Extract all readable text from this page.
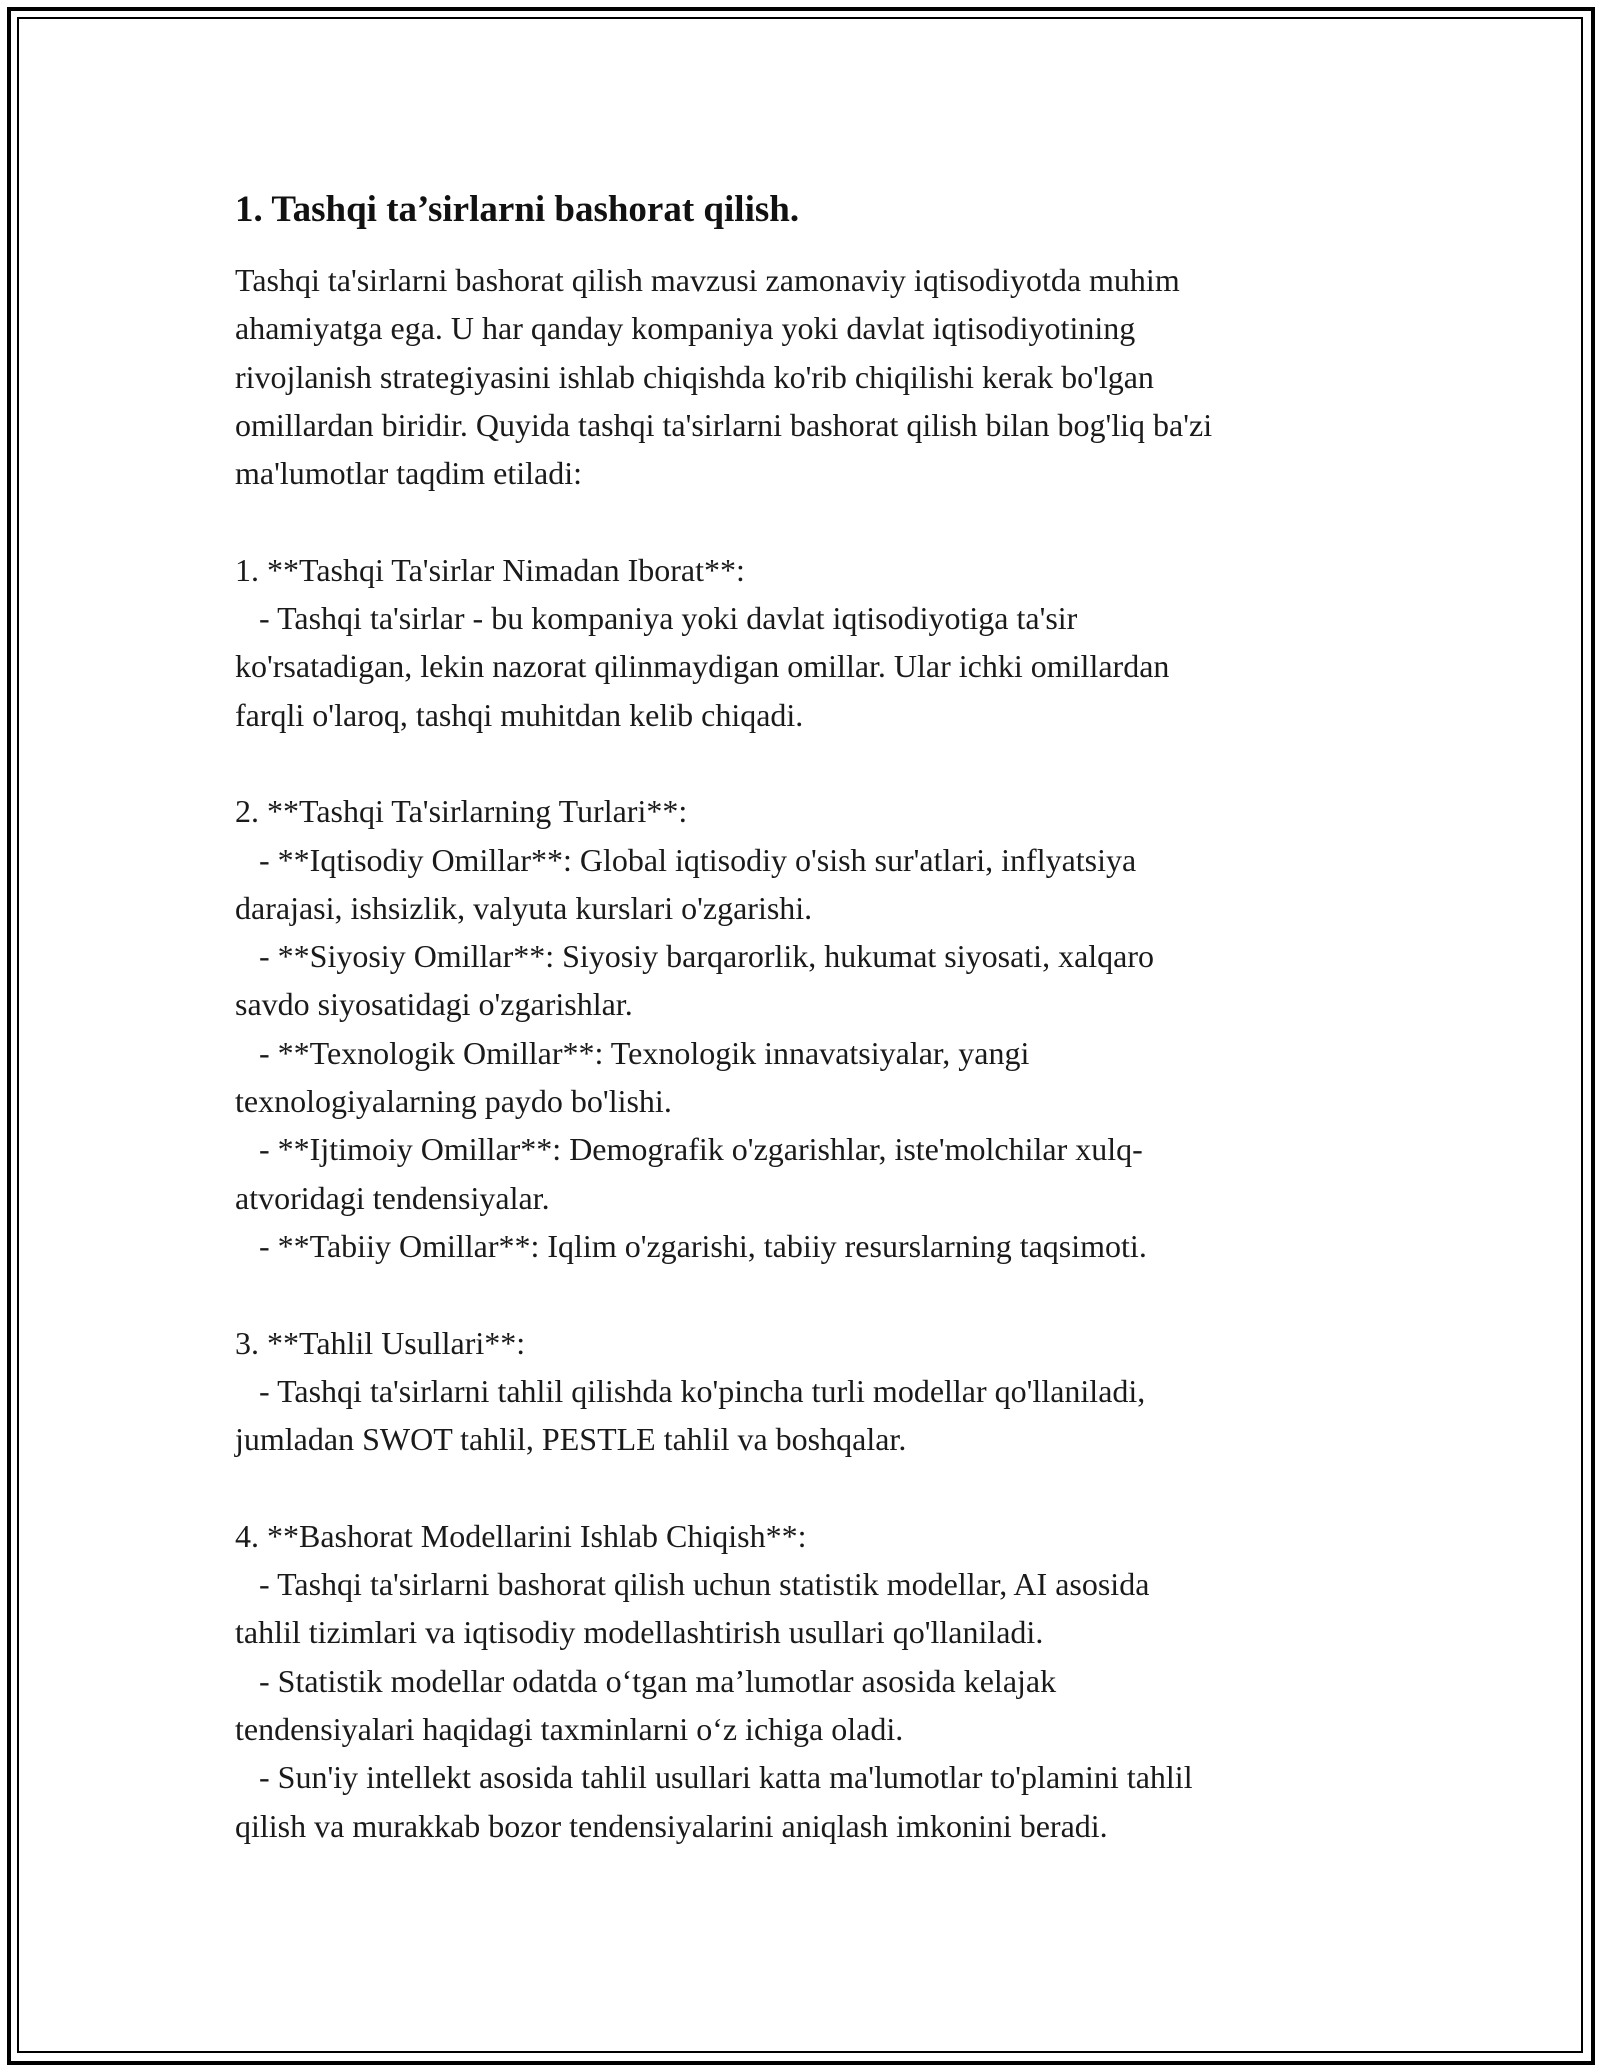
1. Tashqi ta’sirlarni bashorat qilish.
Tashqi ta'sirlarni bashorat qilish mavzusi zamonaviy iqtisodiyotda muhim
ahamiyatga ega. U har qanday kompaniya yoki davlat iqtisodiyotining
rivojlanish strategiyasini ishlab chiqishda ko'rib chiqilishi kerak bo'lgan
omillardan biridir. Quyida tashqi ta'sirlarni bashorat qilish bilan bog'liq ba'zi
ma'lumotlar taqdim etiladi:
1. **Tashqi Ta'sirlar Nimadan Iborat**:
- Tashqi ta'sirlar - bu kompaniya yoki davlat iqtisodiyotiga ta'sir
ko'rsatadigan, lekin nazorat qilinmaydigan omillar. Ular ichki omillardan
farqli o'laroq, tashqi muhitdan kelib chiqadi.
2. **Tashqi Ta'sirlarning Turlari**:
- **Iqtisodiy Omillar**: Global iqtisodiy o'sish sur'atlari, inflyatsiya
darajasi, ishsizlik, valyuta kurslari o'zgarishi.
- **Siyosiy Omillar**: Siyosiy barqarorlik, hukumat siyosati, xalqaro
savdo siyosatidagi o'zgarishlar.
- **Texnologik Omillar**: Texnologik innavatsiyalar, yangi
texnologiyalarning paydo bo'lishi.
- **Ijtimoiy Omillar**: Demografik o'zgarishlar, iste'molchilar xulq-
atvoridagi tendensiyalar.
- **Tabiiy Omillar**: Iqlim o'zgarishi, tabiiy resurslarning taqsimoti.
3. **Tahlil Usullari**:
- Tashqi ta'sirlarni tahlil qilishda ko'pincha turli modellar qo'llaniladi,
jumladan SWOT tahlil, PESTLE tahlil va boshqalar.
4. **Bashorat Modellarini Ishlab Chiqish**:
- Tashqi ta'sirlarni bashorat qilish uchun statistik modellar, AI asosida
tahlil tizimlari va iqtisodiy modellashtirish usullari qo'llaniladi.
- Statistik modellar odatda o‘tgan ma’lumotlar asosida kelajak
tendensiyalari haqidagi taxminlarni o‘z ichiga oladi.
- Sun'iy intellekt asosida tahlil usullari katta ma'lumotlar to'plamini tahlil
qilish va murakkab bozor tendensiyalarini aniqlash imkonini beradi.
